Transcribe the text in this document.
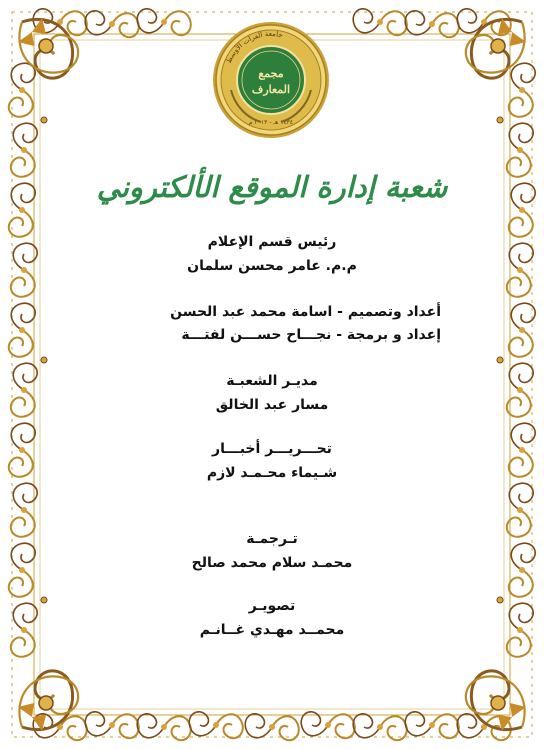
جامعة الفرات الأوسط
مجمع
المعارف
١٤٣٤ هـ - ٢٠١٣ م
شعبة إدارة الموقع الألكتروني
رئيس قسم الإعلام
م.م. عامر محسن سلمان
أعداد وتصميم - اسامة محمد عبد الحسن
إعداد و برمجة - نجـــاح حســـن لفتـــة
مديـر الشعبـة
مسار عبد الخالق
تحـــريـــر أخبـــار
شـيماء محـمـد لازم
تـرجمـة
محمـد سلام محمد صالح
تصويـر
محمــد مهـدي غــانـم
